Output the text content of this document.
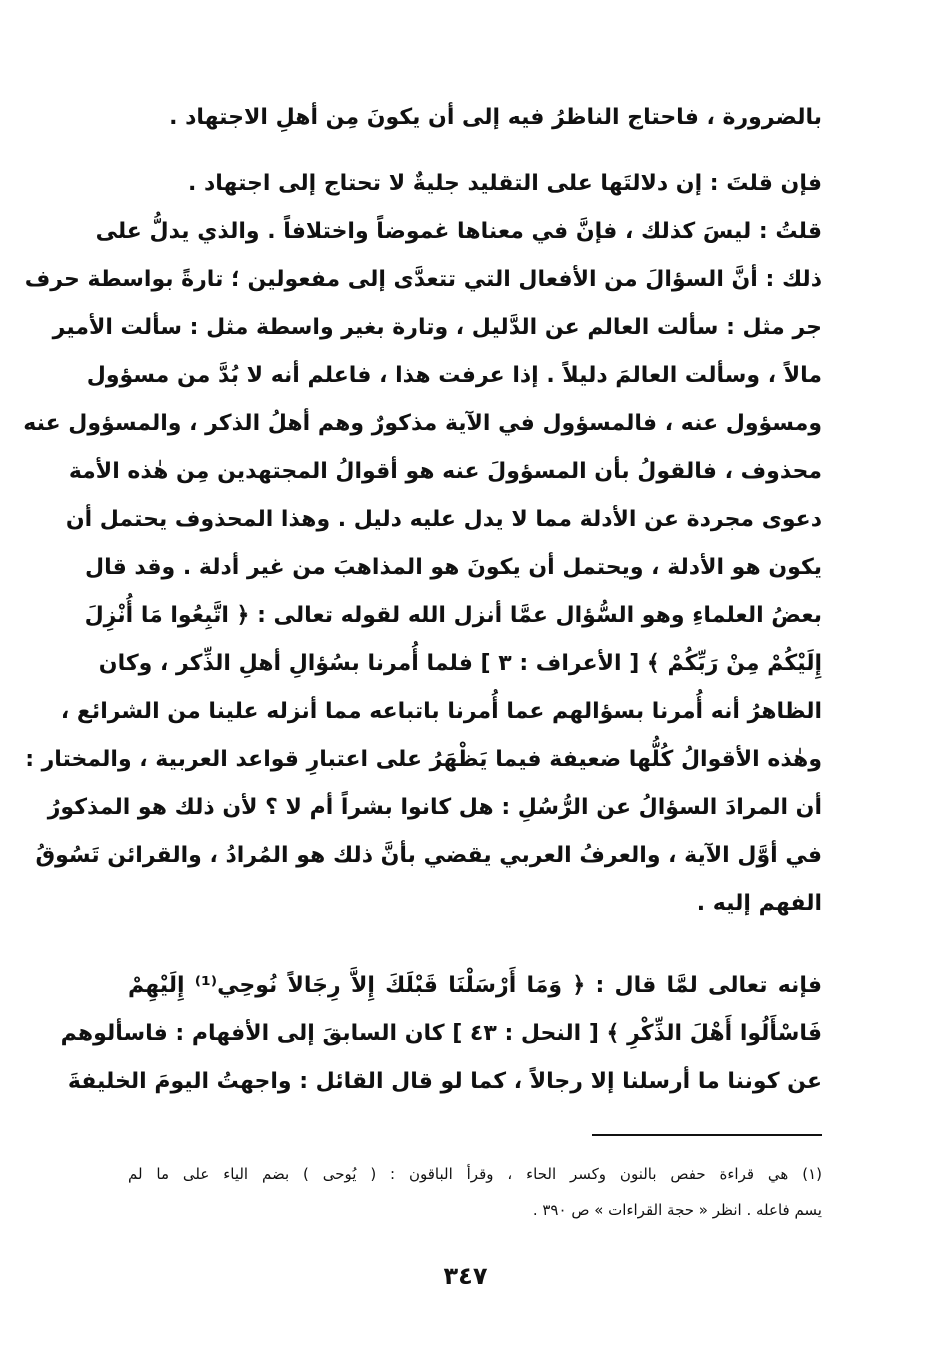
بالضرورة ، فاحتاج الناظرُ فيه إلى أن يكونَ مِن أهلِ الاجتهاد .
فإن قلتَ : إن دلالتَها على التقليد جليةٌ لا تحتاج إلى اجتهاد .
قلتُ : ليسَ كذلك ، فإنَّ في معناها غموضاً واختلافاً . والذي يدلُّ على
ذلك : أنَّ السؤالَ من الأفعال التي تتعدَّى إلى مفعولين ؛ تارةً بواسطة حرف
جر مثل : سألت العالم عن الدَّليل ، وتارة بغير واسطة مثل : سألت الأمير
مالاً ، وسألت العالمَ دليلاً . إذا عرفت هذا ، فاعلم أنه لا بُدَّ من مسؤول
ومسؤول عنه ، فالمسؤول في الآية مذكورٌ وهم أهلُ الذكر ، والمسؤول عنه
محذوف ، فالقولُ بأن المسؤولَ عنه هو أقوالُ المجتهدين مِن هٰذه الأمة
دعوى مجردة عن الأدلة مما لا يدل عليه دليل . وهذا المحذوف يحتمل أن
يكون هو الأدلة ، ويحتمل أن يكونَ هو المذاهبَ من غير أدلة . وقد قال
بعضُ العلماءِ وهو السُّؤال عمَّا أنزل الله لقوله تعالى : ﴿ اتَّبِعُوا مَا أُنْزِلَ
إِلَيْكُمْ مِنْ رَبِّكُمْ ﴾ [ الأعراف : ٣ ] فلما أُمرنا بسُؤالِ أهلِ الذِّكر ، وكان
الظاهرُ أنه أُمرنا بسؤالهم عما أُمرنا باتباعه مما أنزله علينا من الشرائع ،
وهٰذه الأقوالُ كُلُّها ضعيفة فيما يَظْهَرُ على اعتبارِ قواعد العربية ، والمختار :
أن المرادَ السؤالُ عن الرُّسُلِ : هل كانوا بشراً أم لا ؟ لأن ذلك هو المذكورُ
في أوَّل الآية ، والعرفُ العربي يقضي بأنَّ ذلك هو المُرادُ ، والقرائن تَسُوقُ
الفهم إليه .
فإنه تعالى لمَّا قال : ﴿ وَمَا أَرْسَلْنَا قَبْلَكَ إِلاَّ رِجَالاً نُوحِي⁽¹⁾ إِلَيْهِمْ
فَاسْأَلُوا أَهْلَ الذِّكْرِ ﴾ [ النحل : ٤٣ ] كان السابقَ إلى الأفهام : فاسألوهم
عن كوننا ما أرسلنا إلا رجالاً ، كما لو قال القائل : واجهتُ اليومَ الخليفةَ
(١) هي قراءة حفص بالنون وكسر الحاء ، وقرأ الباقون : ( يُوحى ) بضم الياء على ما لم
يسم فاعله . انظر « حجة القراءات » ص ٣٩٠ .
٣٤٧
